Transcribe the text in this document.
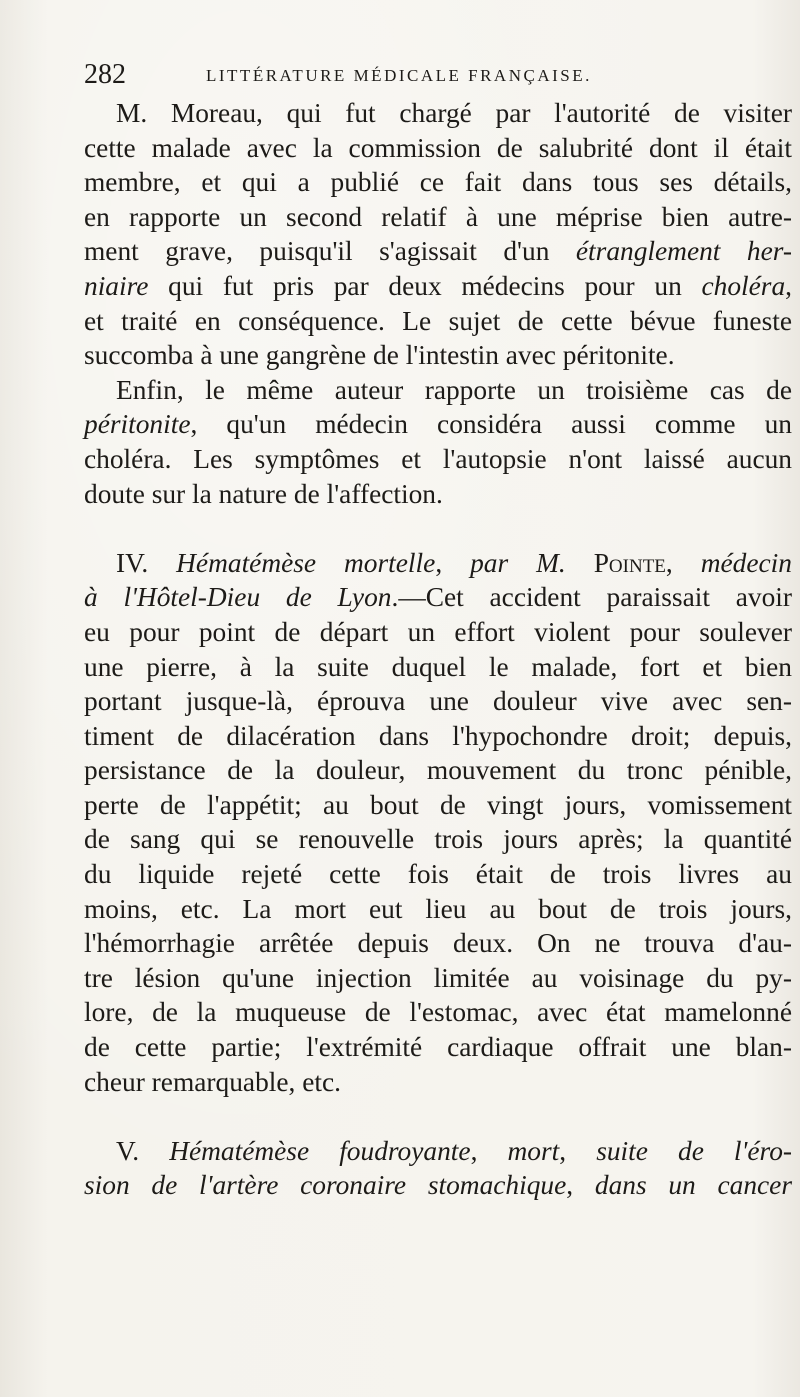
282	LITTÉRATURE MÉDICALE FRANÇAISE.
M. Moreau, qui fut chargé par l'autorité de visiter
cette malade avec la commission de salubrité dont il était
membre, et qui a publié ce fait dans tous ses détails,
en rapporte un second relatif à une méprise bien autre-
ment grave, puisqu'il s'agissait d'un étranglement her-
niaire qui fut pris par deux médecins pour un choléra,
et traité en conséquence. Le sujet de cette bévue funeste
succomba à une gangrène de l'intestin avec péritonite.
Enfin, le même auteur rapporte un troisième cas de
péritonite, qu'un médecin considéra aussi comme un
choléra. Les symptômes et l'autopsie n'ont laissé aucun
doute sur la nature de l'affection.
IV. Hématémèse mortelle, par M. Pointe, médecin
à l'Hôtel-Dieu de Lyon.—Cet accident paraissait avoir
eu pour point de départ un effort violent pour soulever
une pierre, à la suite duquel le malade, fort et bien
portant jusque-là, éprouva une douleur vive avec sen-
timent de dilacération dans l'hypochondre droit; depuis,
persistance de la douleur, mouvement du tronc pénible,
perte de l'appétit; au bout de vingt jours, vomissement
de sang qui se renouvelle trois jours après; la quantité
du liquide rejeté cette fois était de trois livres au
moins, etc. La mort eut lieu au bout de trois jours,
l'hémorrhagie arrêtée depuis deux. On ne trouva d'au-
tre lésion qu'une injection limitée au voisinage du py-
lore, de la muqueuse de l'estomac, avec état mamelonné
de cette partie; l'extrémité cardiaque offrait une blan-
cheur remarquable, etc.
V. Hématémèse foudroyante, mort, suite de l'éro-
sion de l'artère coronaire stomachique, dans un cancer
